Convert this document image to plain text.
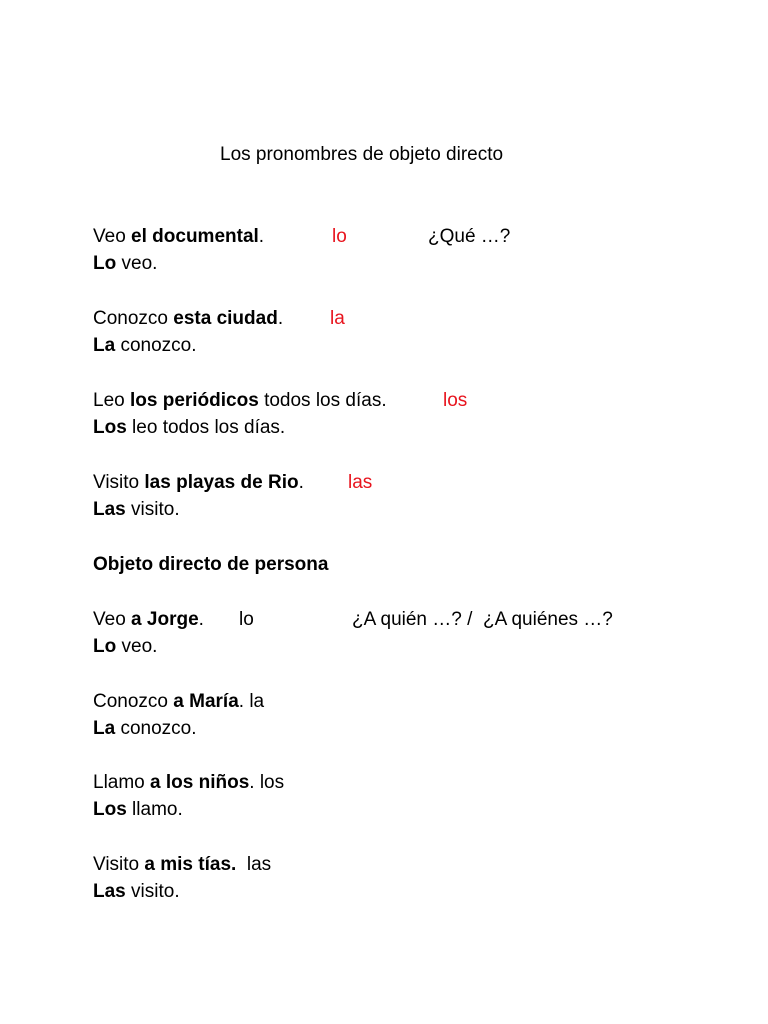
Los pronombres de objeto directo
Veo el documental.	lo	¿Qué …?
Lo veo.
Conozco esta ciudad. la
La conozco.
Leo los periódicos todos los días.	los
Los leo todos los días.
Visito las playas de Rio. las
Las visito.
Objeto directo de persona
Veo a Jorge. lo	¿A quién …? /  ¿A quiénes …?
Lo veo.
Conozco a María. la
La conozco.
Llamo a los niños. los
Los llamo.
Visito a mis tías.  las
Las visito.
